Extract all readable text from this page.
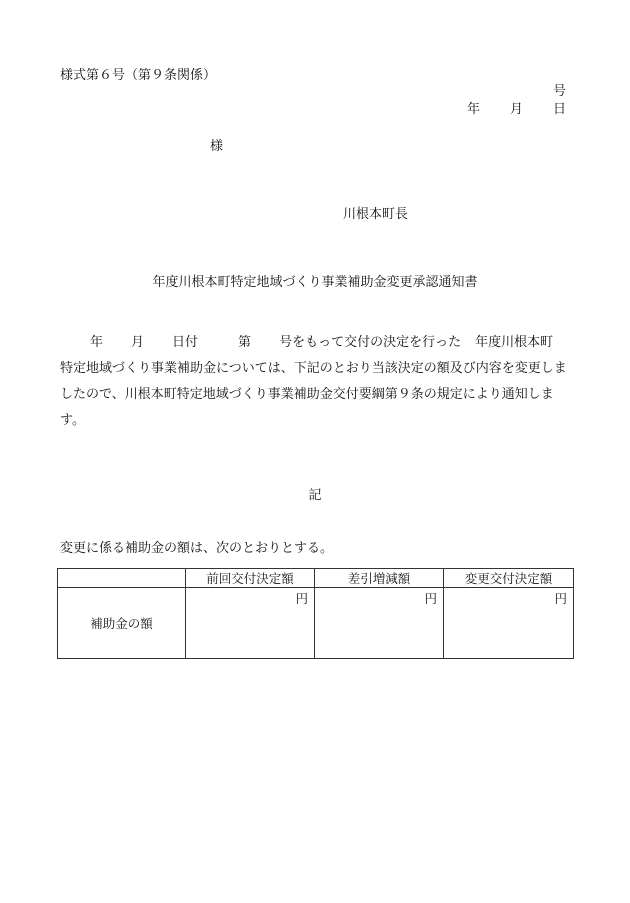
様式第６号（第９条関係）
号
年 月 日
様
川根本町長
年度川根本町特定地域づくり事業補助金変更承認通知書
年 月 日付	第 号をもって交付の決定を行った 年度川根本町
特定地域づくり事業補助金については、下記のとおり当該決定の額及び内容を変更しましたので、川根本町特定地域づくり事業補助金交付要綱第９条の規定により通知します。
記
変更に係る補助金の額は、次のとおりとする。
	前回交付決定額	差引増減額	変更交付決定額
補助金の額	円	円	円
